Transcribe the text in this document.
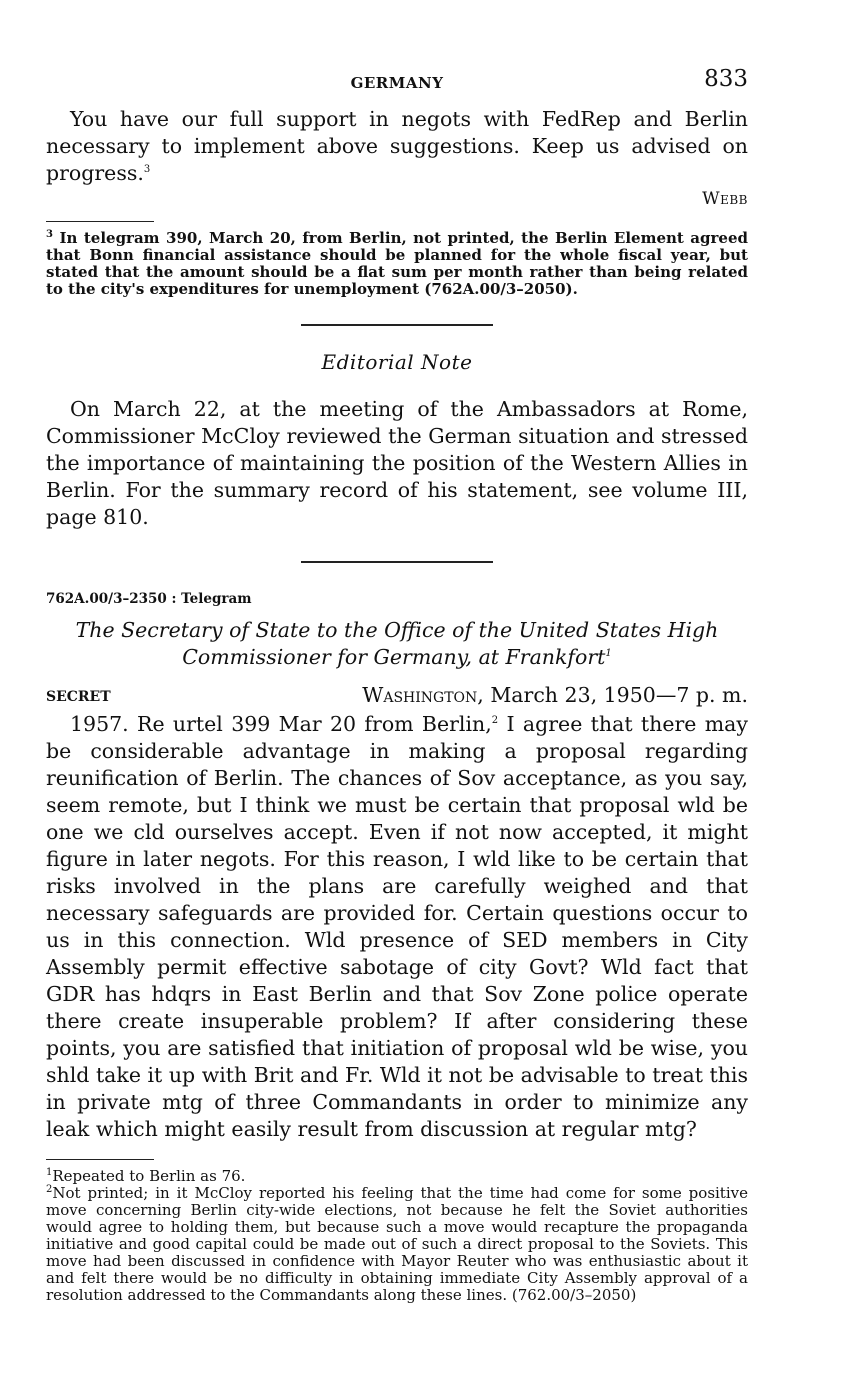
GERMANY	833

You have our full support in negots with FedRep and Berlin necessary to implement above suggestions. Keep us advised on progress.$^3$

Webb

$^3$ In telegram 390, March 20, from Berlin, not printed, the Berlin Element agreed that Bonn financial assistance should be planned for the whole fiscal year, but stated that the amount should be a flat sum per month rather than being related to the city's expenditures for unemployment (762A.00/3–2050).

Editorial Note

On March 22, at the meeting of the Ambassadors at Rome, Commissioner McCloy reviewed the German situation and stressed the importance of maintaining the position of the Western Allies in Berlin. For the summary record of his statement, see volume III, page 810.

762A.00/3–2350 : Telegram
The Secretary of State to the Office of the United States High Commissioner for Germany, at Frankfort$^1$
SECRET	Washington, March 23, 1950—7 p. m.

1957. Re urtel 399 Mar 20 from Berlin,$^2$ I agree that there may be considerable advantage in making a proposal regarding reunification of Berlin. The chances of Sov acceptance, as you say, seem remote, but I think we must be certain that proposal wld be one we cld ourselves accept. Even if not now accepted, it might figure in later negots. For this reason, I wld like to be certain that risks involved in the plans are carefully weighed and that necessary safeguards are provided for. Certain questions occur to us in this connection. Wld presence of SED members in City Assembly permit effective sabotage of city Govt? Wld fact that GDR has hdqrs in East Berlin and that Sov Zone police operate there create insuperable problem? If after considering these points, you are satisfied that initiation of proposal wld be wise, you shld take it up with Brit and Fr. Wld it not be advisable to treat this in private mtg of three Commandants in order to minimize any leak which might easily result from discussion at regular mtg?

$^1$Repeated to Berlin as 76.

$^2$Not printed; in it McCloy reported his feeling that the time had come for some positive move concerning Berlin city-wide elections, not because he felt the Soviet authorities would agree to holding them, but because such a move would recapture the propaganda initiative and good capital could be made out of such a direct proposal to the Soviets. This move had been discussed in confidence with Mayor Reuter who was enthusiastic about it and felt there would be no difficulty in obtaining immediate City Assembly approval of a resolution addressed to the Commandants along these lines. (762.00/3–2050)
